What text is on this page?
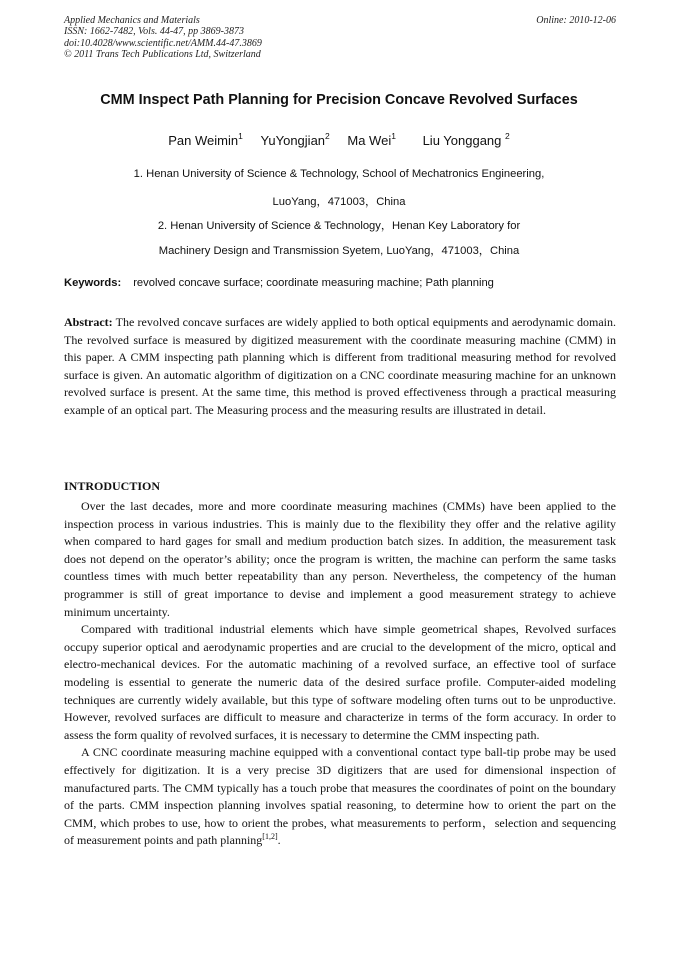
Applied Mechanics and Materials
ISSN: 1662-7482, Vols. 44-47, pp 3869-3873
doi:10.4028/www.scientific.net/AMM.44-47.3869
© 2011 Trans Tech Publications Ltd, Switzerland
Online: 2010-12-06
CMM Inspect Path Planning for Precision Concave Revolved Surfaces
Pan Weimin$^1$ YuYongjian$^2$ Ma Wei$^1$ Liu Yonggang $^2$
1. Henan University of Science & Technology, School of Mechatronics Engineering,
LuoYang，471003，China
2. Henan University of Science & Technology，Henan Key Laboratory for
Machinery Design and Transmission Syetem, LuoYang，471003，China
Keywords: revolved concave surface; coordinate measuring machine; Path planning
Abstract: The revolved concave surfaces are widely applied to both optical equipments and aerodynamic domain. The revolved surface is measured by digitized measurement with the coordinate measuring machine (CMM) in this paper. A CMM inspecting path planning which is different from traditional measuring method for revolved surface is given. An automatic algorithm of digitization on a CNC coordinate measuring machine for an unknown revolved surface is present. At the same time, this method is proved effectiveness through a practical measuring example of an optical part. The Measuring process and the measuring results are illustrated in detail.
INTRODUCTION

Over the last decades, more and more coordinate measuring machines (CMMs) have been applied to the inspection process in various industries. This is mainly due to the flexibility they offer and the relative agility when compared to hard gages for small and medium production batch sizes. In addition, the measurement task does not depend on the operator’s ability; once the program is written, the machine can perform the same tasks countless times with much better repeatability than any person. Nevertheless, the competency of the human programmer is still of great importance to devise and implement a good measurement strategy to achieve minimum uncertainty.

Compared with traditional industrial elements which have simple geometrical shapes, Revolved surfaces occupy superior optical and aerodynamic properties and are crucial to the development of the micro, optical and electro-mechanical devices. For the automatic machining of a revolved surface, an effective tool of surface modeling is essential to generate the numeric data of the desired surface profile. Computer-aided modeling techniques are currently widely available, but this type of software modeling often turns out to be unproductive. However, revolved surfaces are difficult to measure and characterize in terms of the form accuracy. In order to assess the form quality of revolved surfaces, it is necessary to determine the CMM inspecting path.

A CNC coordinate measuring machine equipped with a conventional contact type ball-tip probe may be used effectively for digitization. It is a very precise 3D digitizers that are used for dimensional inspection of manufactured parts. The CMM typically has a touch probe that measures the coordinates of point on the boundary of the parts. CMM inspection planning involves spatial reasoning, to determine how to orient the part on the CMM, which probes to use, how to orient the probes, what measurements to perform，selection and sequencing of measurement points and path planning[1,2].
